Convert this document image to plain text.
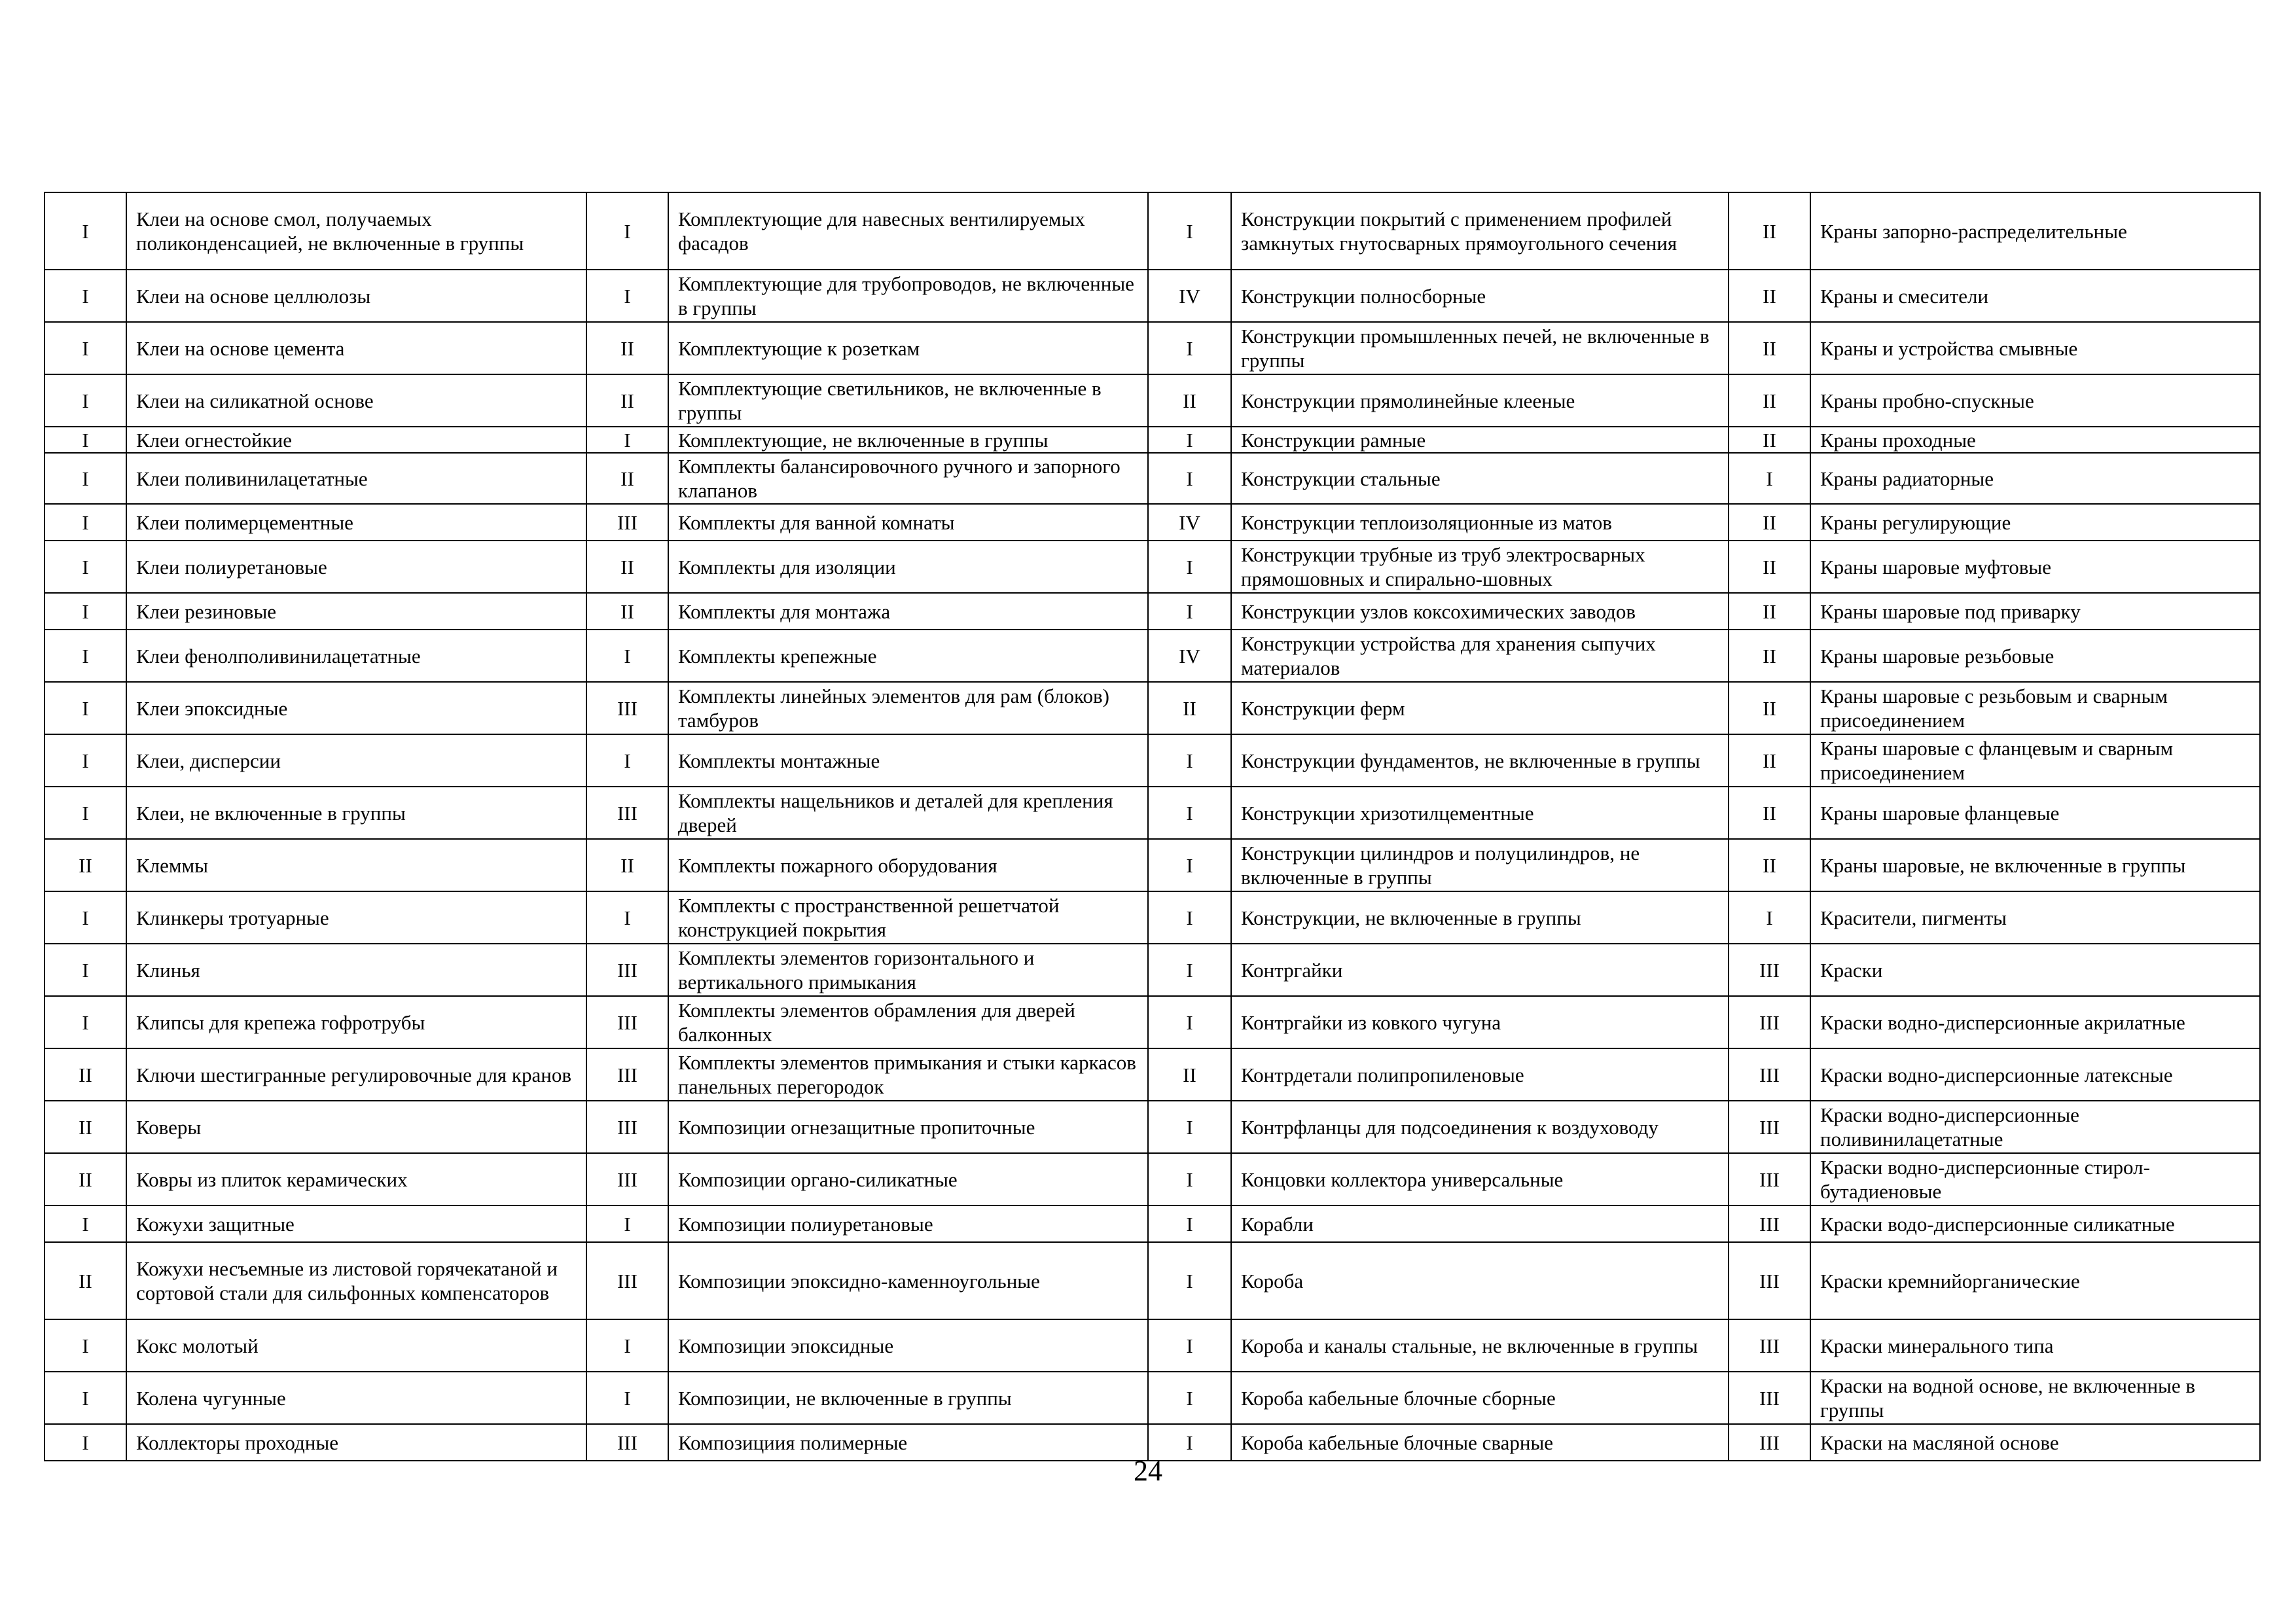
I	Клеи на основе смол, получаемых поликонденсацией, не включенные в группы	I	Комплектующие для навесных вентилируемых фасадов	I	Конструкции покрытий с применением профилей замкнутых гнутосварных прямоугольного сечения	II	Краны запорно-распределительные
I	Клеи на основе целлюлозы	I	Комплектующие для трубопроводов, не включенные в группы	IV	Конструкции полносборные	II	Краны и смесители
I	Клеи на основе цемента	II	Комплектующие к розеткам	I	Конструкции промышленных печей, не включенные в группы	II	Краны и устройства смывные
I	Клеи на силикатной основе	II	Комплектующие светильников, не включенные в группы	II	Конструкции прямолинейные клееные	II	Краны пробно-спускные
I	Клеи огнестойкие	I	Комплектующие, не включенные в группы	I	Конструкции рамные	II	Краны проходные
I	Клеи поливинилацетатные	II	Комплекты балансировочного ручного и запорного клапанов	I	Конструкции стальные	I	Краны радиаторные
I	Клеи полимерцементные	III	Комплекты для ванной комнаты	IV	Конструкции теплоизоляционные из матов	II	Краны регулирующие
I	Клеи полиуретановые	II	Комплекты для изоляции	I	Конструкции трубные из труб электросварных прямошовных и спирально-шовных	II	Краны шаровые муфтовые
I	Клеи резиновые	II	Комплекты для монтажа	I	Конструкции узлов коксохимических заводов	II	Краны шаровые под приварку
I	Клеи фенолполивинилацетатные	I	Комплекты крепежные	IV	Конструкции устройства для хранения сыпучих материалов	II	Краны шаровые резьбовые
I	Клеи эпоксидные	III	Комплекты линейных элементов для рам (блоков) тамбуров	II	Конструкции ферм	II	Краны шаровые с резьбовым и сварным присоединением
I	Клеи, дисперсии	I	Комплекты монтажные	I	Конструкции фундаментов, не включенные в группы	II	Краны шаровые с фланцевым и сварным присоединением
I	Клеи, не включенные в группы	III	Комплекты нащельников и деталей для крепления дверей	I	Конструкции хризотилцементные	II	Краны шаровые фланцевые
II	Клеммы	II	Комплекты пожарного оборудования	I	Конструкции цилиндров и полуцилиндров, не включенные в группы	II	Краны шаровые, не включенные в группы
I	Клинкеры тротуарные	I	Комплекты с пространственной решетчатой конструкцией покрытия	I	Конструкции, не включенные в группы	I	Красители, пигменты
I	Клинья	III	Комплекты элементов горизонтального и вертикального примыкания	I	Контргайки	III	Краски
I	Клипсы для крепежа гофротрубы	III	Комплекты элементов обрамления для дверей балконных	I	Контргайки из ковкого чугуна	III	Краски водно-дисперсионные акрилатные
II	Ключи шестигранные регулировочные для кранов	III	Комплекты элементов примыкания и стыки каркасов панельных перегородок	II	Контрдетали полипропиленовые	III	Краски водно-дисперсионные латексные
II	Коверы	III	Композиции огнезащитные пропиточные	I	Контрфланцы для подсоединения к воздуховоду	III	Краски водно-дисперсионные поливинилацетатные
II	Ковры из плиток керамических	III	Композиции органо-силикатные	I	Концовки коллектора универсальные	III	Краски водно-дисперсионные стирол-бутадиеновые
I	Кожухи защитные	I	Композиции полиуретановые	I	Корабли	III	Краски водо-дисперсионные силикатные
II	Кожухи несъемные из листовой горячекатаной и сортовой стали для сильфонных компенсаторов	III	Композиции эпоксидно-каменноугольные	I	Короба	III	Краски кремнийорганические
I	Кокс молотый	I	Композиции эпоксидные	I	Короба и каналы стальные, не включенные в группы	III	Краски минерального типа
I	Колена чугунные	I	Композиции, не включенные в группы	I	Короба кабельные блочные сборные	III	Краски на водной основе, не включенные в группы
I	Коллекторы проходные	III	Композициия полимерные	I	Короба кабельные блочные сварные	III	Краски на масляной основе
24
